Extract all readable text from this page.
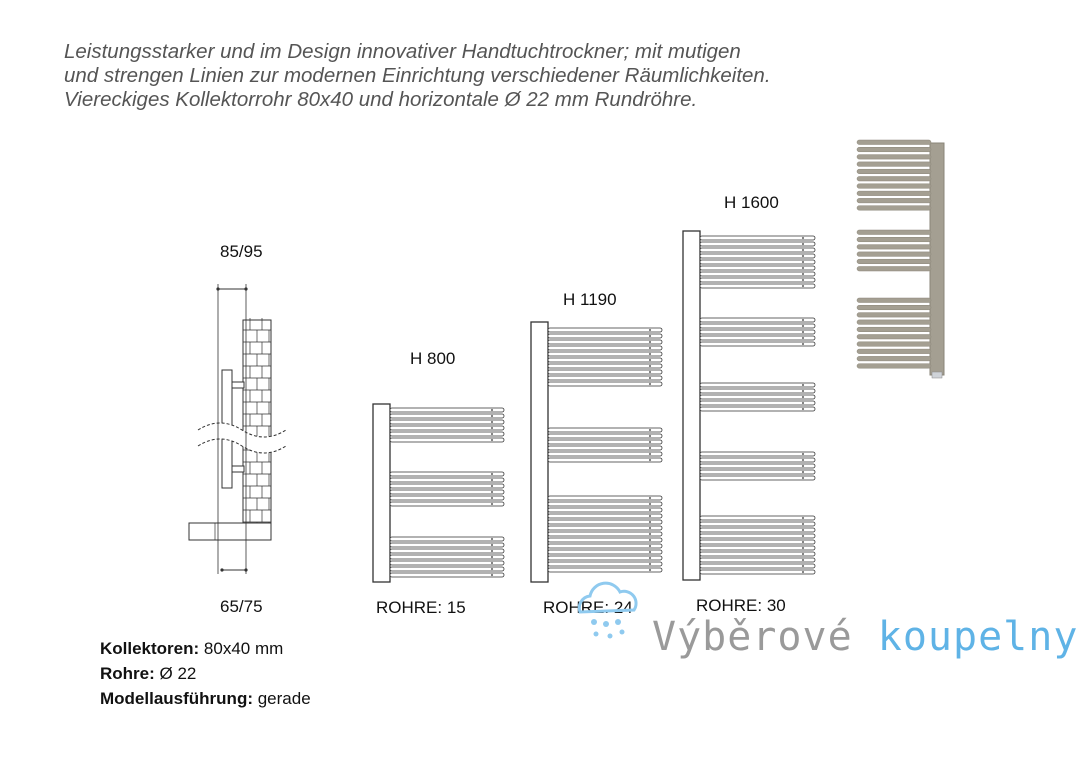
Leistungsstarker und im Design innovativer Handtuchtrockner; mit mutigen
und strengen Linien zur modernen Einrichtung verschiedener Räumlichkeiten.
Viereckiges Kollektorrohr 80x40 und horizontale Ø 22 mm Rundröhre.
85/95
65/75
H 800
H 1190
H 1600
ROHRE: 15	ROHRE: 24	ROHRE: 30
Kollektoren: 80x40 mm
Rohre: Ø 22
Modellausführung: gerade
Výběrové koupelny
